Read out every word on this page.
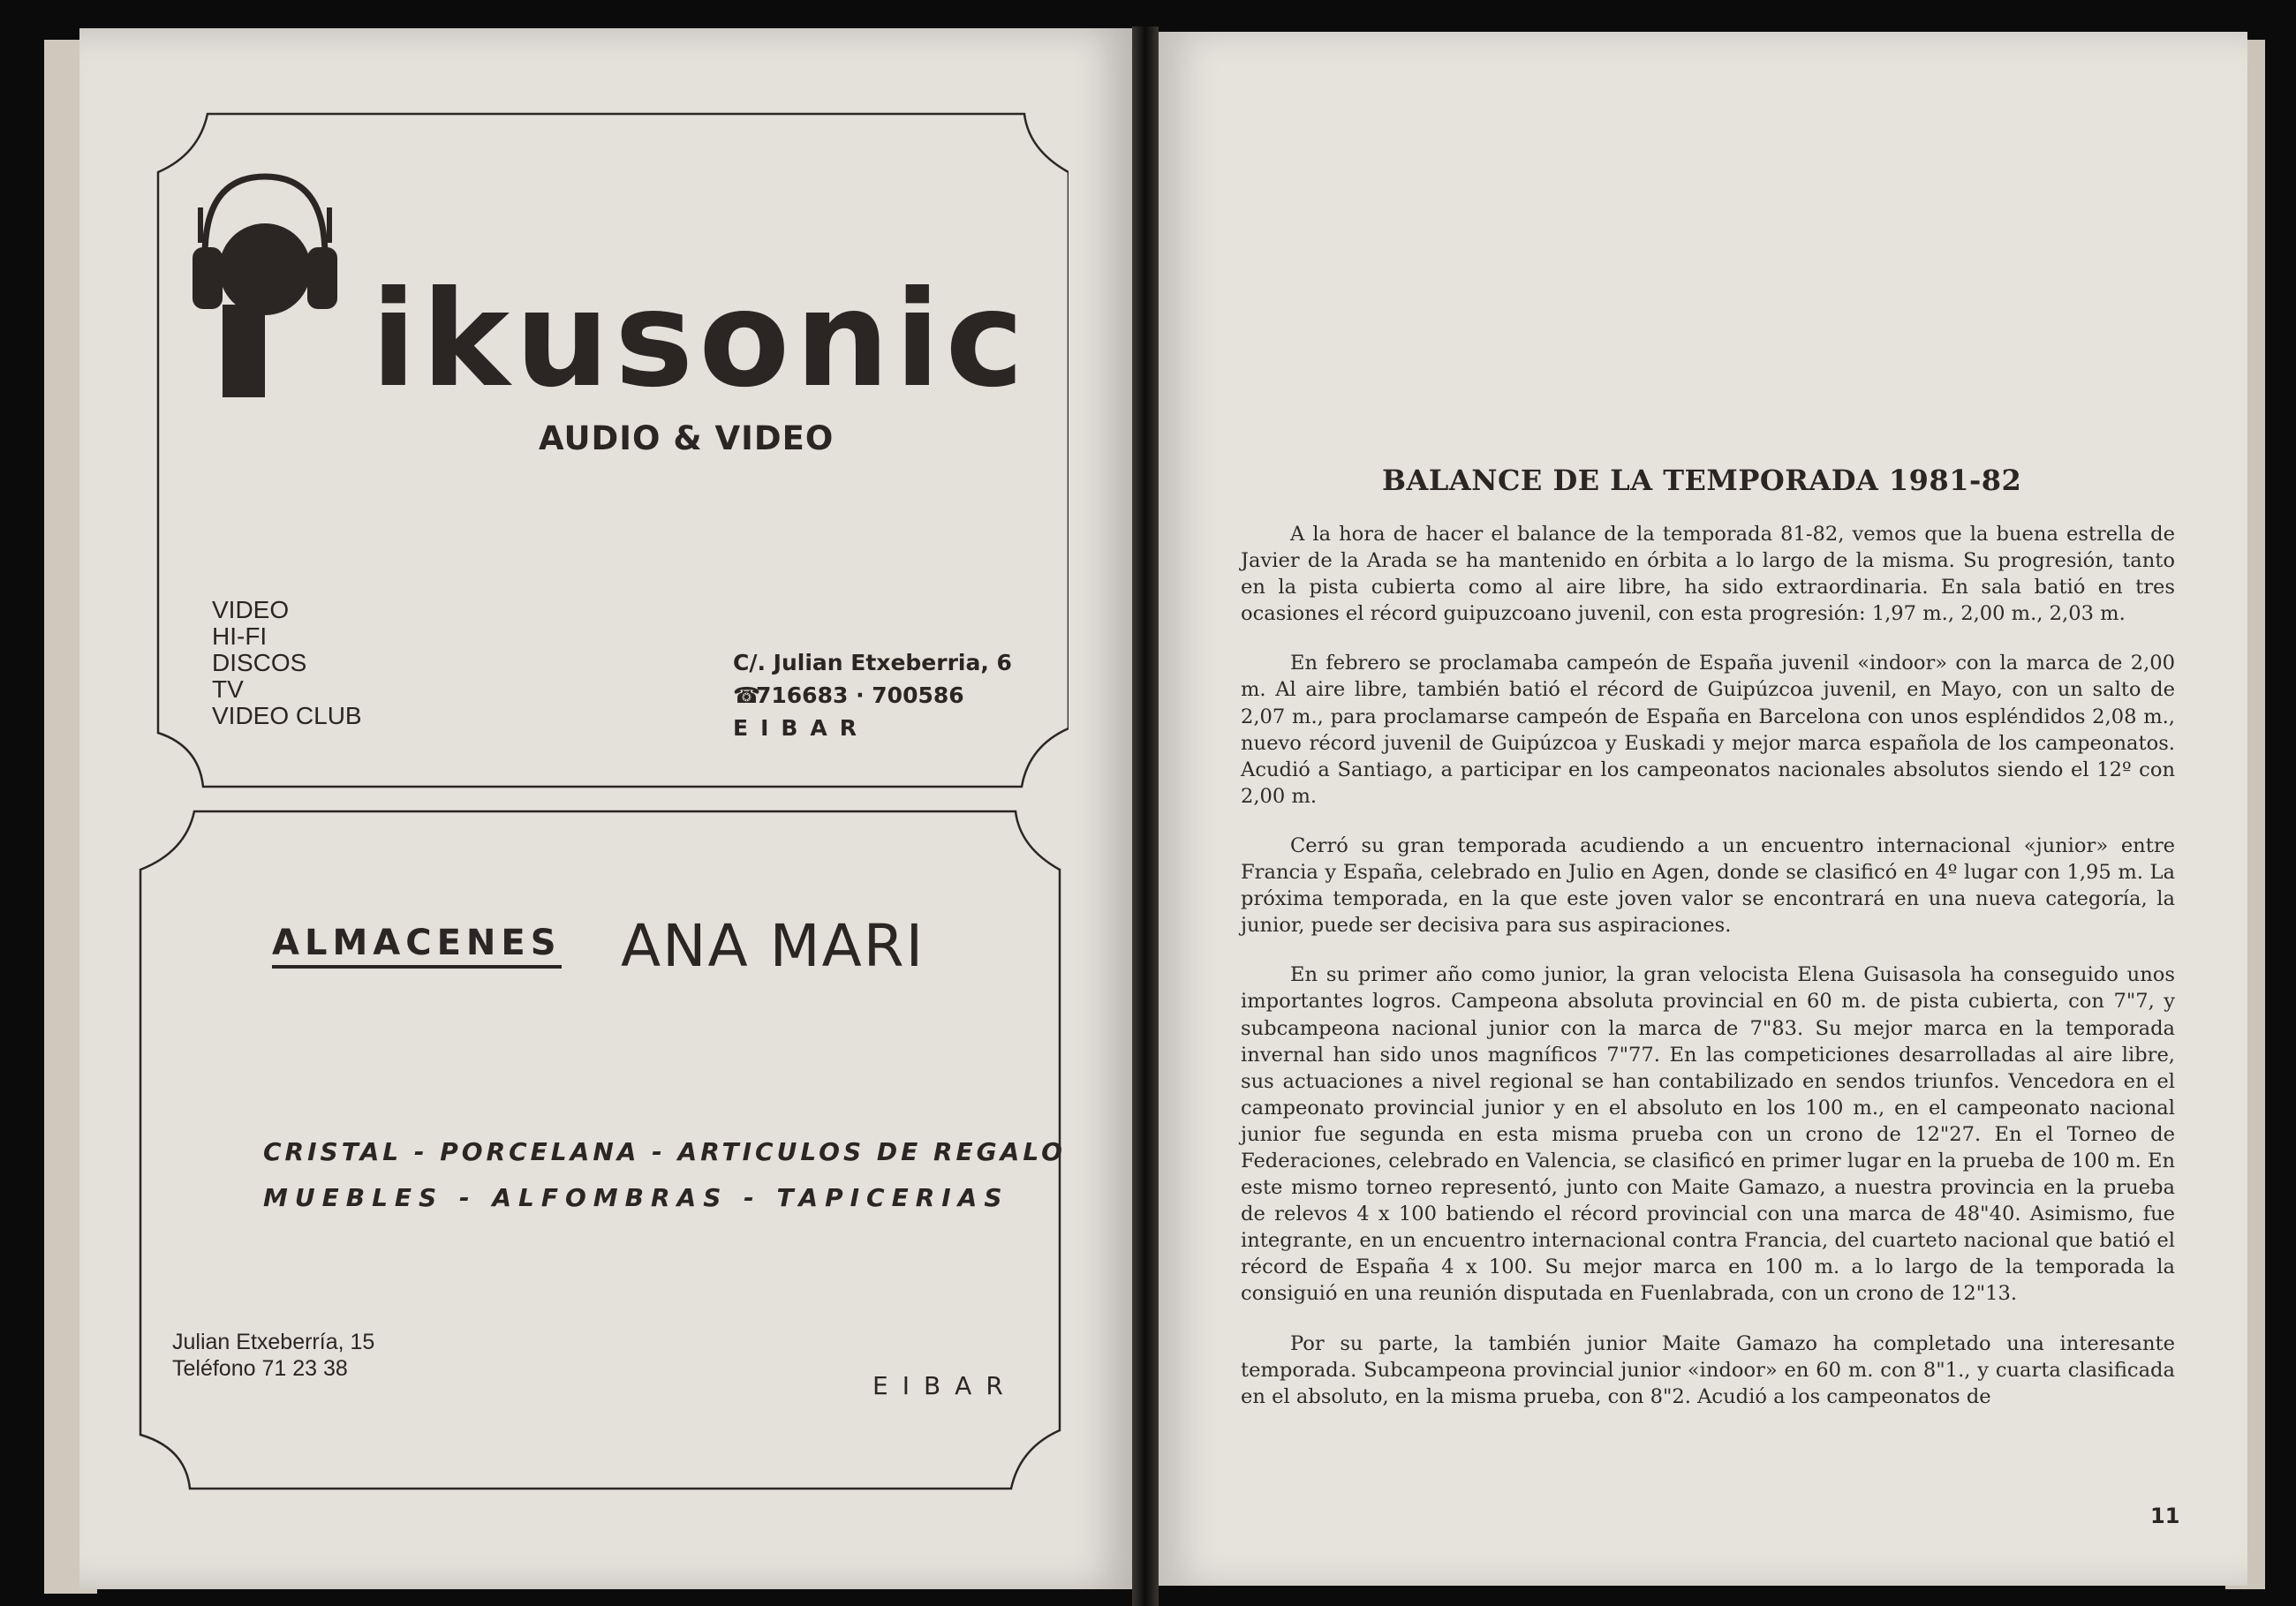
ikusonic
AUDIO & VIDEO
VIDEO
HI-FI
DISCOS
TV
VIDEO CLUB
C/. Julian Etxeberria, 6
☎716683 · 700586
EIBAR
ALMACENES ANA MARI
CRISTAL - PORCELANA - ARTICULOS DE REGALO
MUEBLES - ALFOMBRAS - TAPICERIAS
Julian Etxeberría, 15
Teléfono 71 23 38
EIBAR
BALANCE DE LA TEMPORADA 1981-82

A la hora de hacer el balance de la temporada 81-82, vemos que la buena estrella de Javier de la Arada se ha mantenido en órbita a lo largo de la misma. Su progresión, tanto en la pista cubierta como al aire libre, ha sido extraordinaria. En sala batió en tres ocasiones el récord guipuzcoano juvenil, con esta progresión: 1,97 m., 2,00 m., 2,03 m.

En febrero se proclamaba campeón de España juvenil «indoor» con la marca de 2,00 m. Al aire libre, también batió el récord de Guipúzcoa juvenil, en Mayo, con un salto de 2,07 m., para proclamarse campeón de España en Barcelona con unos espléndidos 2,08 m., nuevo récord juvenil de Guipúzcoa y Euskadi y mejor marca española de los campeonatos. Acudió a Santiago, a participar en los campeonatos nacionales absolutos siendo el 12º con 2,00 m.

Cerró su gran temporada acudiendo a un encuentro internacional «junior» entre Francia y España, celebrado en Julio en Agen, donde se clasificó en 4º lugar con 1,95 m. La próxima temporada, en la que este joven valor se encontrará en una nueva categoría, la junior, puede ser decisiva para sus aspiraciones.

En su primer año como junior, la gran velocista Elena Guisasola ha conseguido unos importantes logros. Campeona absoluta provincial en 60 m. de pista cubierta, con 7"7, y subcampeona nacional junior con la marca de 7"83. Su mejor marca en la temporada invernal han sido unos magníficos 7"77. En las competiciones desarrolladas al aire libre, sus actuaciones a nivel regional se han contabilizado en sendos triunfos. Vencedora en el campeonato provincial junior y en el absoluto en los 100 m., en el campeonato nacional junior fue segunda en esta misma prueba con un crono de 12"27. En el Torneo de Federaciones, celebrado en Valencia, se clasificó en primer lugar en la prueba de 100 m. En este mismo torneo representó, junto con Maite Gamazo, a nuestra provincia en la prueba de relevos 4 x 100 batiendo el récord provincial con una marca de 48"40. Asimismo, fue integrante, en un encuentro internacional contra Francia, del cuarteto nacional que batió el récord de España 4 x 100. Su mejor marca en 100 m. a lo largo de la temporada la consiguió en una reunión disputada en Fuenlabrada, con un crono de 12"13.

Por su parte, la también junior Maite Gamazo ha completado una interesante temporada. Subcampeona provincial junior «indoor» en 60 m. con 8"1., y cuarta clasificada en el absoluto, en la misma prueba, con 8"2. Acudió a los campeonatos de

11
